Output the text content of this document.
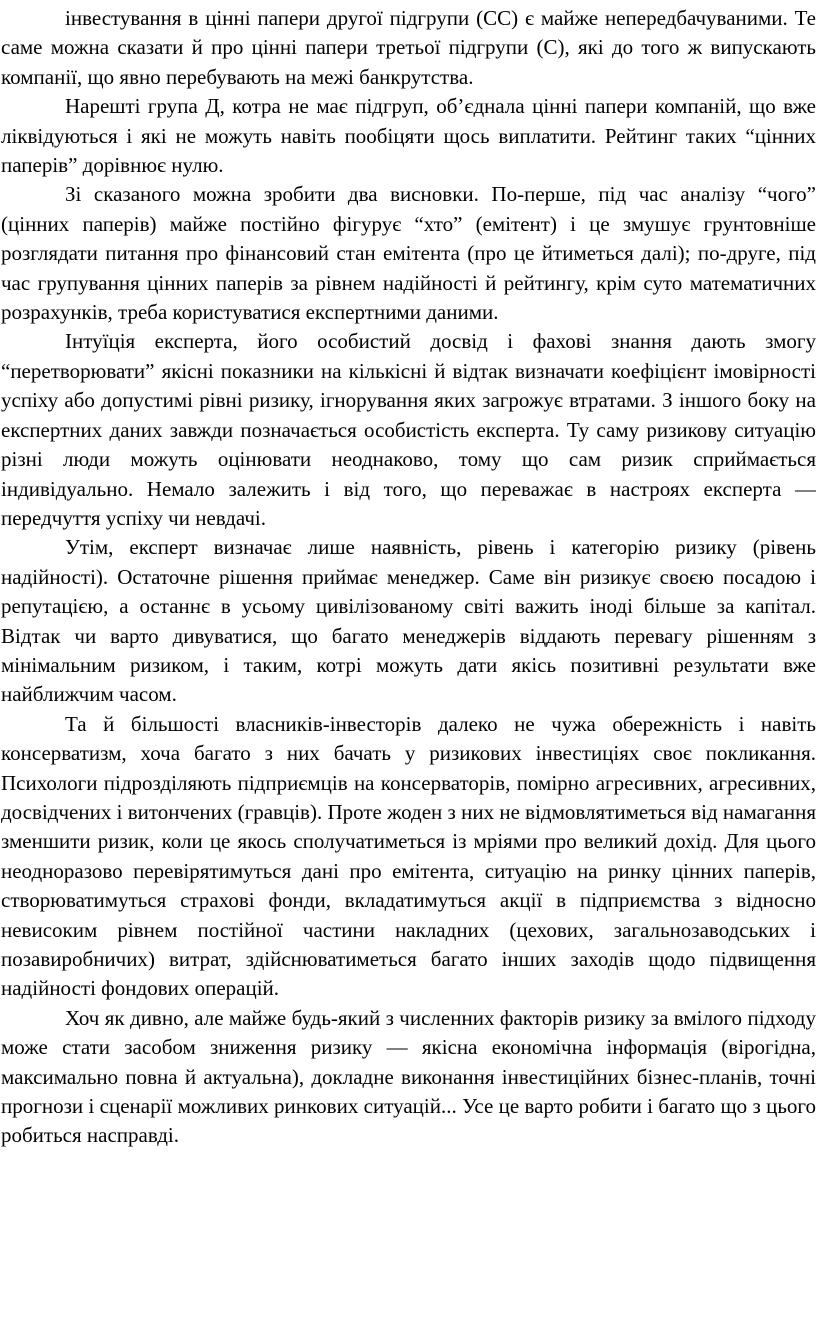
інвестування в цінні папери другої підгрупи (СС) є майже непередбачуваними. Те саме можна сказати й про цінні папери третьої підгрупи (С), які до того ж випускають компанії, що явно перебувають на межі банкрутства.

Нарешті група Д, котра не має підгруп, об’єднала цінні папери компаній, що вже ліквідуються і які не можуть навіть пообіцяти щось виплатити. Рейтинг таких “цінних паперів” дорівнює нулю.

Зі сказаного можна зробити два висновки. По-перше, під час аналізу “чого” (цінних паперів) майже постійно фігурує “хто” (емітент) і це змушує грунтовніше розглядати питання про фінансовий стан емітента (про це йтиметься далі); по-друге, під час групування цінних паперів за рівнем надійності й рейтингу, крім суто математичних розрахунків, треба користуватися експертними даними.

Інтуїція експерта, його особистий досвід і фахові знання дають змогу “перетворювати” якісні показники на кількісні й відтак визначати коефіцієнт імовірності успіху або допустимі рівні ризику, ігнорування яких загрожує втратами. З іншого боку на експертних даних завжди позначається особистість експерта. Ту саму ризикову ситуацію різні люди можуть оцінювати неоднаково, тому що сам ризик сприймається індивідуально. Немало залежить і від того, що переважає в настроях експерта — передчуття успіху чи невдачі.

Утім, експерт визначає лише наявність, рівень і категорію ризику (рівень надійності). Остаточне рішення приймає менеджер. Саме він ризикує своєю посадою і репутацією, а останнє в усьому цивілізованому світі важить іноді більше за капітал. Відтак чи варто дивуватися, що багато менеджерів віддають перевагу рішенням з мінімальним ризиком, і таким, котрі можуть дати якісь позитивні результати вже найближчим часом.

Та й більшості власників-інвесторів далеко не чужа обережність і навіть консерватизм, хоча багато з них бачать у ризикових інвестиціях своє покликання. Психологи підрозділяють підприємців на консерваторів, помірно агресивних, агресивних, досвідчених і витончених (гравців). Проте жоден з них не відмовлятиметься від намагання зменшити ризик, коли це якось сполучатиметься із мріями про великий дохід. Для цього неодноразово перевірятимуться дані про емітента, ситуацію на ринку цінних паперів, створюватимуться страхові фонди, вкладатимуться акції в підприємства з відносно невисоким рівнем постійної частини накладних (цехових, загальнозаводських і позавиробничих) витрат, здійснюватиметься багато інших заходів щодо підвищення надійності фондових операцій.

Хоч як дивно, але майже будь-який з численних факторів ризику за вмілого підходу може стати засобом зниження ризику — якісна економічна інформація (вірогідна, максимально повна й актуальна), докладне виконання інвестиційних бізнес-планів, точні прогнози і сценарії можливих ринкових ситуацій... Усе це варто робити і багато що з цього робиться насправді.
